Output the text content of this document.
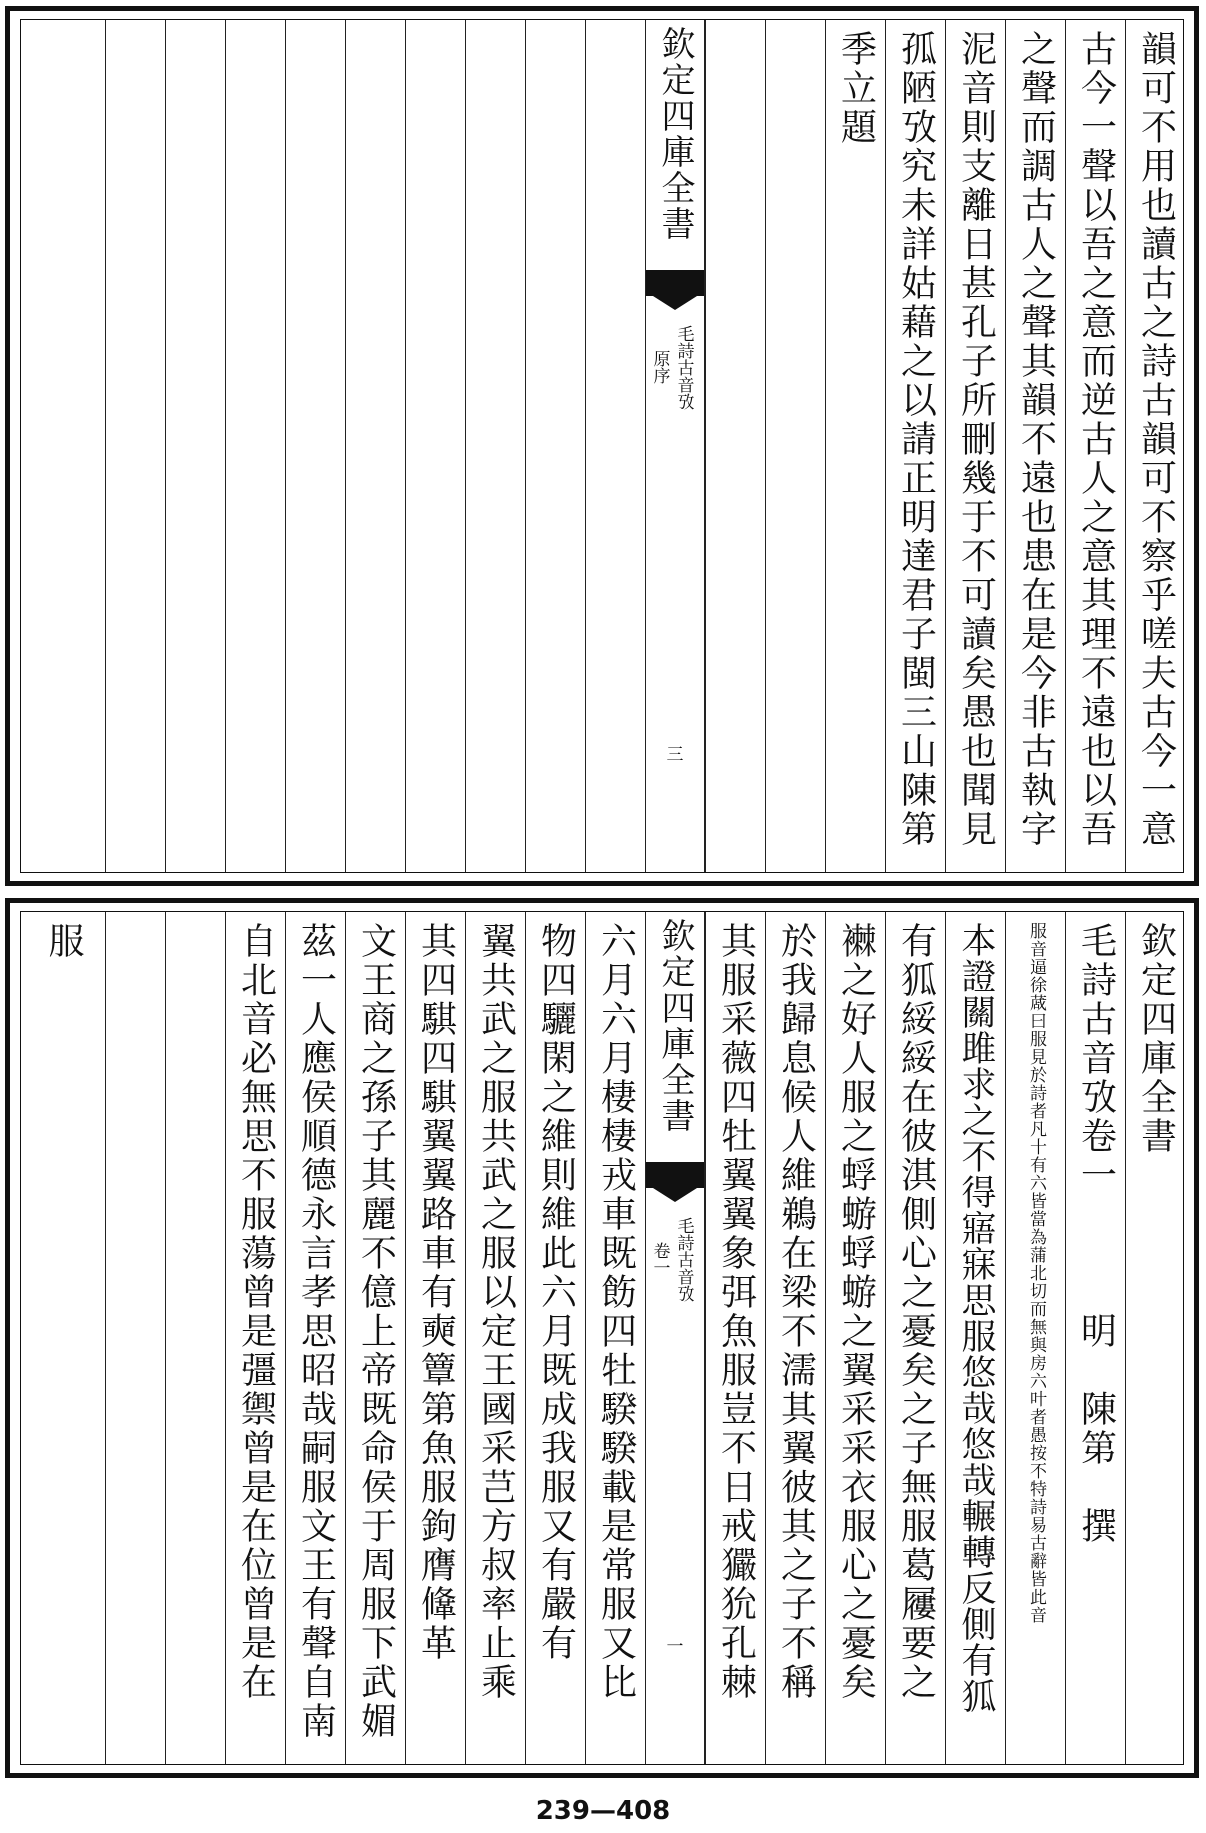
韻可不用也讀古之詩古韻可不察乎嗟夫古今一意
古今一聲以吾之意而逆古人之意其理不遠也以吾
之聲而調古人之聲其韻不遠也患在是今非古執字
泥音則支離日甚孔子所刪幾于不可讀矣愚也聞見
孤陋攷究未詳姑藉之以請正明達君子閩三山陳第
季立題
欽定四庫全書
毛詩古音攷
原序
三
欽定四庫全書
毛詩古音攷卷一　　　明　陳第　撰
服音逼徐蒧曰服見於詩者凡十有六皆當為蒲北切而無與房六叶者愚按不特詩易古辭皆此音
本證關雎求之不得寤寐思服悠哉悠哉輾轉反側有狐
有狐綏綏在彼淇側心之憂矣之子無服葛屨要之
襋之好人服之蜉蝣蜉蝣之翼采采衣服心之憂矣
於我歸息候人維鵜在梁不濡其翼彼其之子不稱
其服采薇四牡翼翼象弭魚服豈不日戒玁狁孔棘
欽定四庫全書
毛詩古音攷
卷一
一
六月六月棲棲戎車既飭四牡騤騤載是常服又比
物四驪閑之維則維此六月既成我服又有嚴有
翼共武之服共武之服以定王國采芑方叔率止乘
其四騏四騏翼翼路車有奭簟第魚服鉤膺鞗革
文王商之孫子其麗不億上帝既命侯于周服下武媚
茲一人應侯順德永言孝思昭哉嗣服文王有聲自南
自北音必無思不服蕩曾是彊禦曾是在位曾是在
服
239—408
